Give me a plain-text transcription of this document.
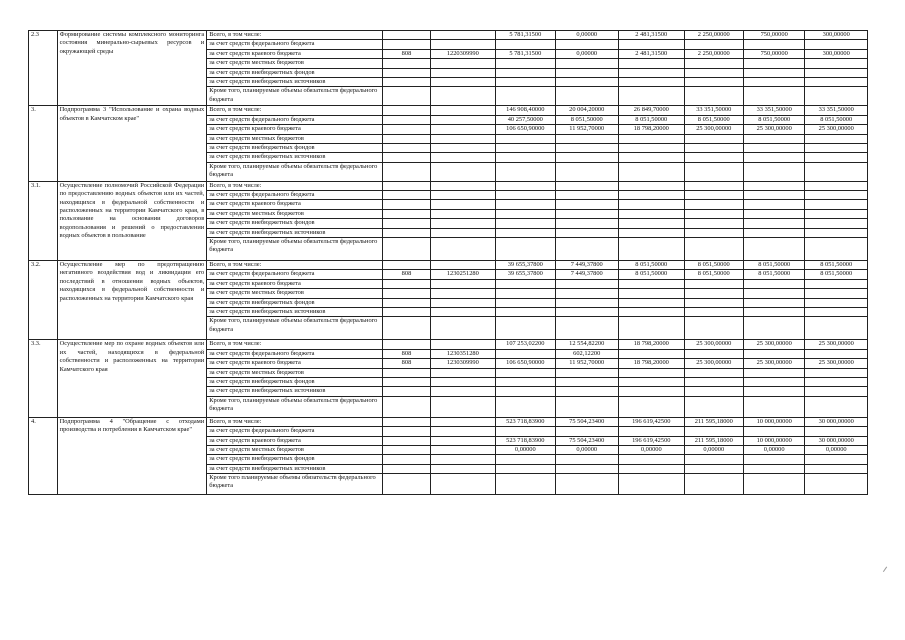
2.3	Формирование системы комплексного мониторинга состояния минерально-сырьевых ресурсов и окружающей среды	Всего, в том числе:			5 781,31500	0,00000	2 481,31500	2 250,00000	750,00000	300,00000
		за счет средств федерального бюджета								
		за счет средств краевого бюджета	808	1220309990	5 781,31500	0,00000	2 481,31500	2 250,00000	750,00000	300,00000
		за счет средств местных бюджетов								
		за счет средств внебюджетных фондов								
		за счет средств внебюджетных источников								
		Кроме того, планируемые объемы обязательств федерального бюджета								
3.	Подпрограмма 3 "Использование и охрана водных объектов в Камчатском крае"	Всего, в том числе:			146 908,40000	20 004,20000	26 849,70000	33 351,50000	33 351,50000	33 351,50000
		за счет средств федерального бюджета			40 257,50000	8 051,50000	8 051,50000	8 051,50000	8 051,50000	8 051,50000
		за счет средств краевого бюджета			106 650,90000	11 952,70000	18 798,20000	25 300,00000	25 300,00000	25 300,00000
		за счет средств местных бюджетов								
		за счет средств внебюджетных фондов								
		за счет средств внебюджетных источников								
		Кроме того, планируемые объемы обязательств федерального бюджета								
3.1.	Осуществление полномочий Российской Федерации по предоставлению водных объектов или их частей, находящихся в федеральной собственности и расположенных на территории Камчатского края, в пользование на основании договоров водопользования и решений о предоставлении водных объектов в пользование	Всего, в том числе:								
		за счет средств федерального бюджета								
		за счет средств краевого бюджета								
		за счет средств местных бюджетов								
		за счет средств внебюджетных фондов								
		за счет средств внебюджетных источников								
		Кроме того, планируемые объемы обязательств федерального бюджета								
3.2.	Осуществление мер по предотвращению негативного воздействия вод и ликвидации его последствий в отношении водных объектов, находящихся в федеральной собственности и расположенных на территории Камчатского края	Всего, в том числе:			39 655,37800	7 449,37800	8 051,50000	8 051,50000	8 051,50000	8 051,50000
		за счет средств федерального бюджета	808	1230251280	39 655,37800	7 449,37800	8 051,50000	8 051,50000	8 051,50000	8 051,50000
		за счет средств краевого бюджета								
		за счет средств местных бюджетов								
		за счет средств внебюджетных фондов								
		за счет средств внебюджетных источников								
		Кроме того, планируемые объемы обязательств федерального бюджета								
3.3.	Осуществление мер по охране водных объектов или их частей, находящихся в федеральной собственности и расположенных на территории Камчатского края	Всего, в том числе:			107 253,02200	12 554,82200	18 798,20000	25 300,00000	25 300,00000	25 300,00000
		за счет средств федерального бюджета	808	1230351280		602,12200				
		за счет средств краевого бюджета	808	1230309990	106 650,90000	11 952,70000	18 798,20000	25 300,00000	25 300,00000	25 300,00000
		за счет средств местных бюджетов								
		за счет средств внебюджетных фондов								
		за счет средств внебюджетных источников								
		Кроме того, планируемые объемы обязательств федерального бюджета								
4.	Подпрограмма 4 "Обращение с отходами производства и потребления в Камчатском крае"	Всего, в том числе:			523 718,83900	75 504,23400	196 619,42500	211 595,18000	10 000,00000	30 000,00000
		за счет средств федерального бюджета								
		за счет средств краевого бюджета			523 718,83900	75 504,23400	196 619,42500	211 595,18000	10 000,00000	30 000,00000
		за счет средств местных бюджетов			0,00000	0,00000	0,00000	0,00000	0,00000	0,00000
		за счет средств внебюджетных фондов								
		за счет средств внебюджетных источников								
		Кроме того планируемые объемы обязательств федерального бюджета								
